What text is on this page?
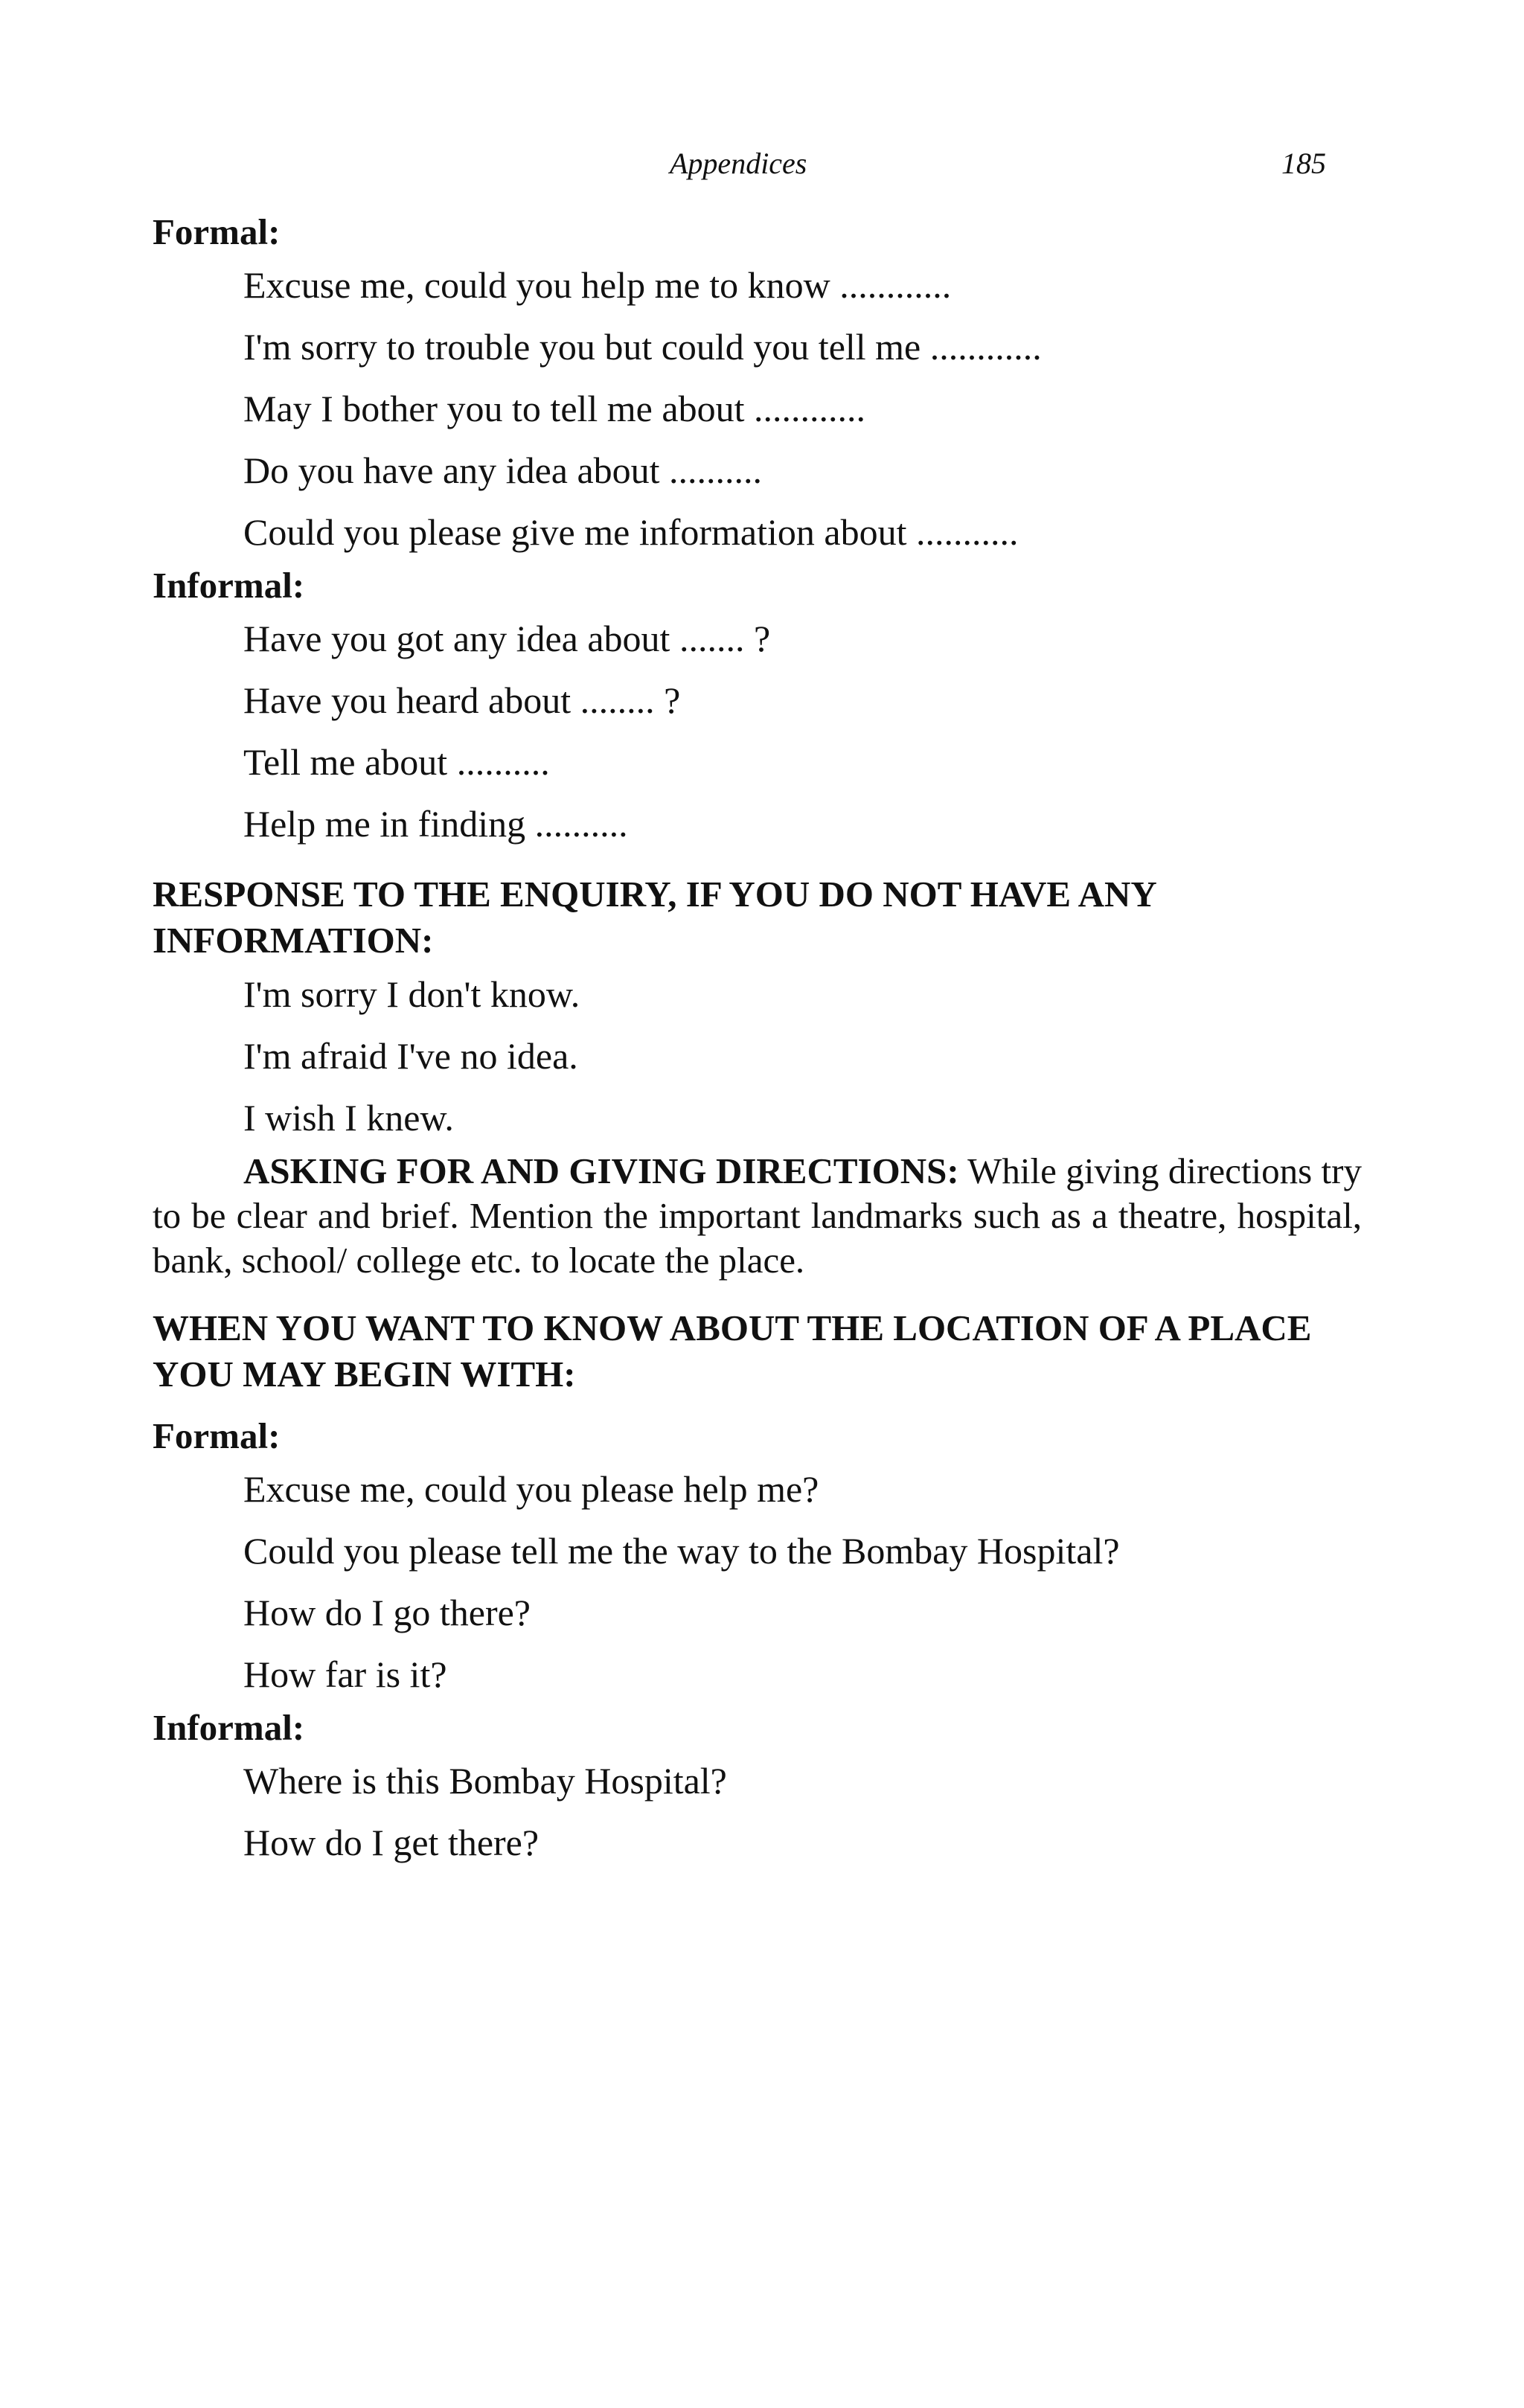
Appendices	185

Formal:

Excuse me, could you help me to know ............
I'm sorry to trouble you but could you tell me ............
May I bother you to tell me about ............
Do you have any idea about ..........
Could you please give me information about ...........

Informal:

Have you got any idea about ....... ?
Have you heard about ........ ?
Tell me about ..........
Help me in finding ..........

RESPONSE TO THE ENQUIRY, IF YOU DO NOT HAVE ANY INFORMATION:

I'm sorry I don't know.
I'm afraid I've no idea.
I wish I knew.

ASKING FOR AND GIVING DIRECTIONS: While giving directions try to be clear and brief. Mention the important landmarks such as a theatre, hospital, bank, school/ college etc. to locate the place.

WHEN YOU WANT TO KNOW ABOUT THE LOCATION OF A PLACE YOU MAY BEGIN WITH:

Formal:

Excuse me, could you please help me?
Could you please tell me the way to the Bombay Hospital?
How do I go there?
How far is it?

Informal:

Where is this Bombay Hospital?
How do I get there?
